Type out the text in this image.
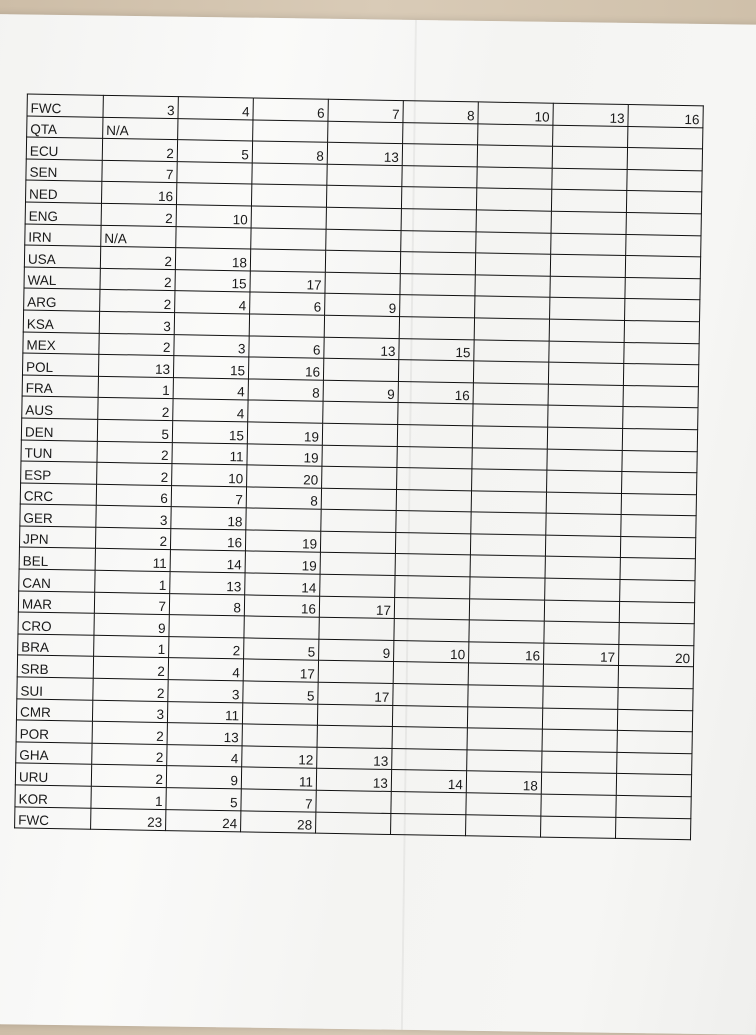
FWC	3	4	6	7	8	10	13	16
QTA	N/A							
ECU	2	5	8	13				
SEN	7							
NED	16							
ENG	2	10						
IRN	N/A							
USA	2	18						
WAL	2	15	17					
ARG	2	4	6	9				
KSA	3							
MEX	2	3	6	13	15			
POL	13	15	16					
FRA	1	4	8	9	16			
AUS	2	4						
DEN	5	15	19					
TUN	2	11	19					
ESP	2	10	20					
CRC	6	7	8					
GER	3	18						
JPN	2	16	19					
BEL	11	14	19					
CAN	1	13	14					
MAR	7	8	16	17				
CRO	9							
BRA	1	2	5	9	10	16	17	20
SRB	2	4	17					
SUI	2	3	5	17				
CMR	3	11						
POR	2	13						
GHA	2	4	12	13				
URU	2	9	11	13	14	18		
KOR	1	5	7					
FWC	23	24	28					
